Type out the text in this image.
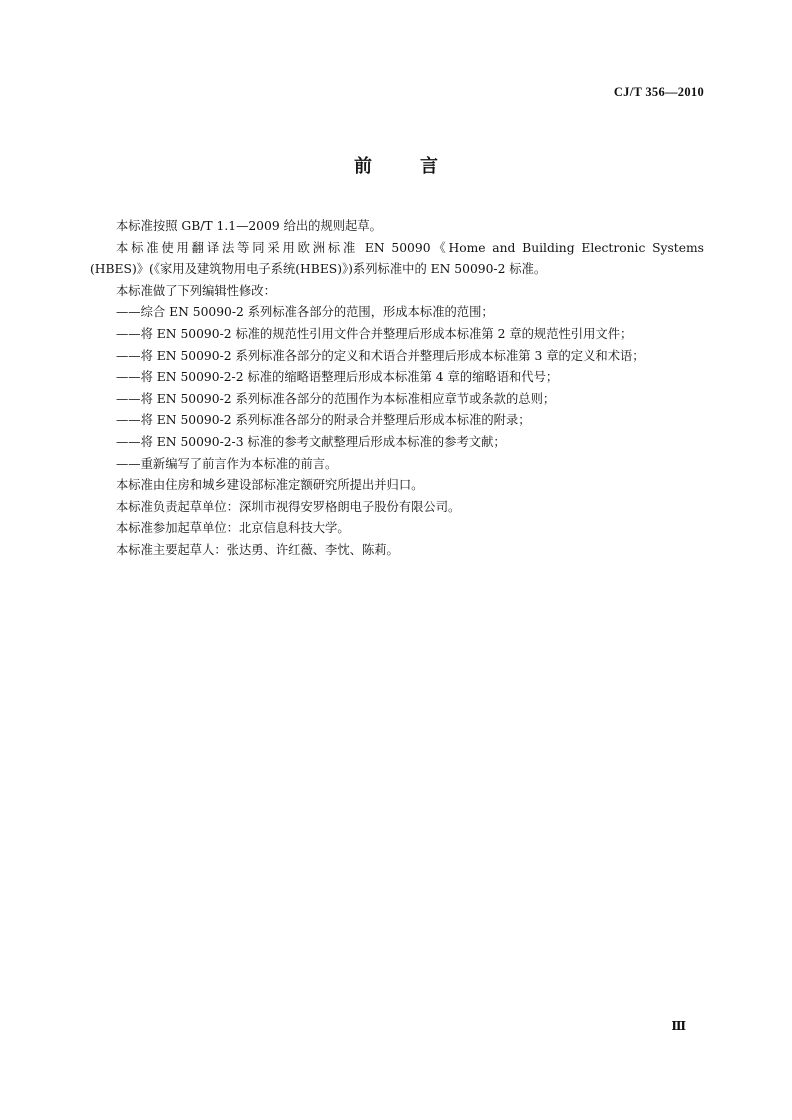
CJ/T 356—2010
前言

本标准按照 GB/T 1.1—2009 给出的规则起草。

本标准使用翻译法等同采用欧洲标准 EN 50090《Home and Building Electronic Systems

(HBES)》(《家用及建筑物用电子系统(HBES)》)系列标准中的 EN 50090-2 标准。

本标准做了下列编辑性修改：

——综合 EN 50090-2 系列标准各部分的范围，形成本标准的范围；

——将 EN 50090-2 标准的规范性引用文件合并整理后形成本标准第 2 章的规范性引用文件；

——将 EN 50090-2 系列标准各部分的定义和术语合并整理后形成本标准第 3 章的定义和术语；

——将 EN 50090-2-2 标准的缩略语整理后形成本标准第 4 章的缩略语和代号；

——将 EN 50090-2 系列标准各部分的范围作为本标准相应章节或条款的总则；

——将 EN 50090-2 系列标准各部分的附录合并整理后形成本标准的附录；

——将 EN 50090-2-3 标准的参考文献整理后形成本标准的参考文献；

——重新编写了前言作为本标准的前言。

本标准由住房和城乡建设部标准定额研究所提出并归口。

本标准负责起草单位：深圳市视得安罗格朗电子股份有限公司。

本标准参加起草单位：北京信息科技大学。

本标准主要起草人：张达勇、许红薇、李忱、陈莉。

Ⅲ
